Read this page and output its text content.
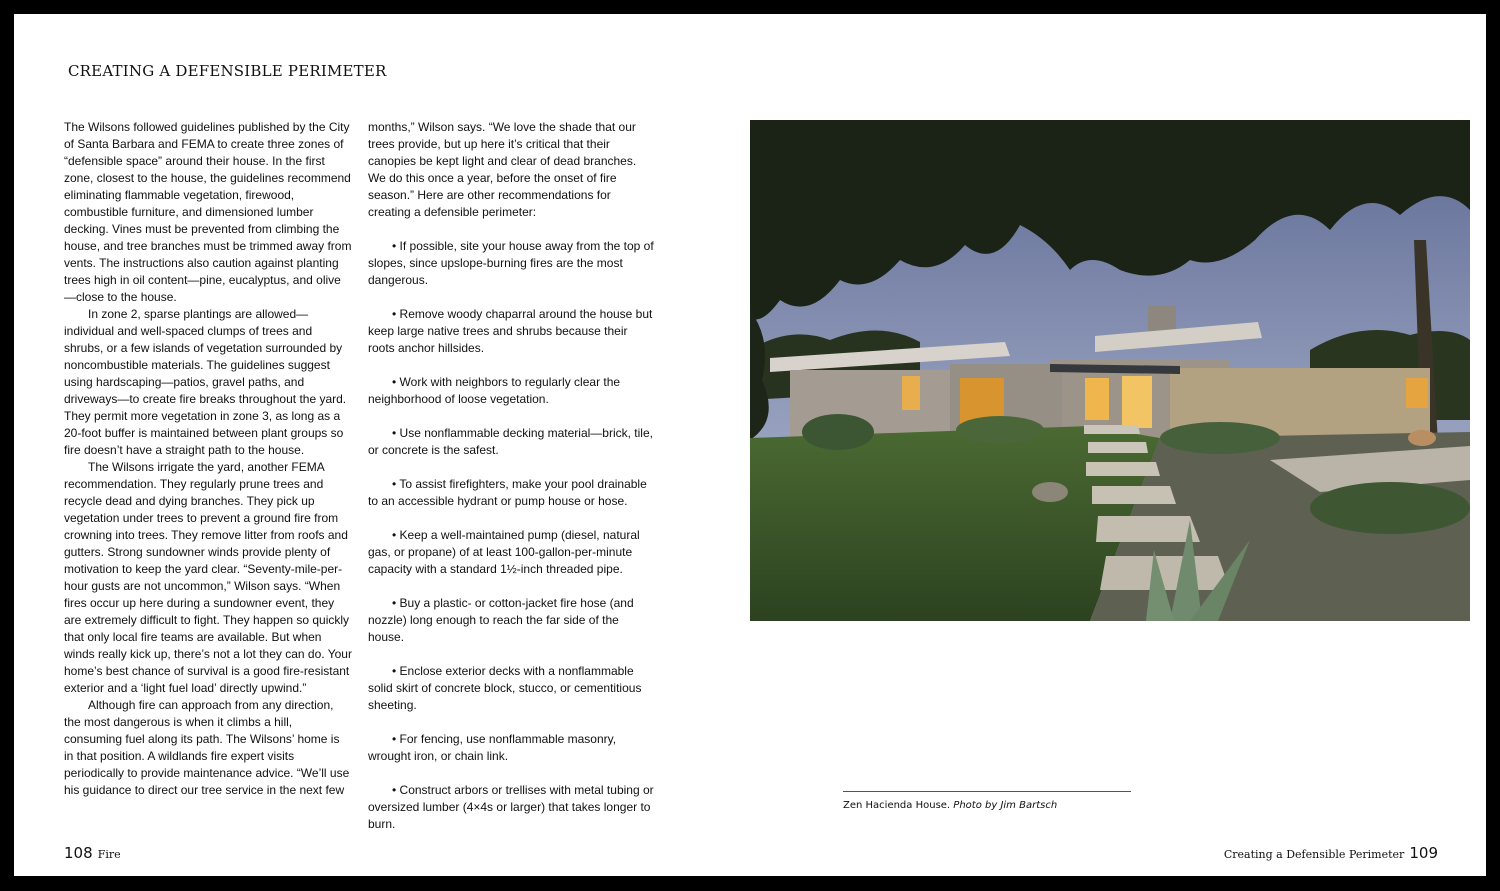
CREATING A DEFENSIBLE PERIMETER

The Wilsons followed guidelines published by the City of Santa Barbara and FEMA to create three zones of “defensible space” around their house. In the first zone, closest to the house, the guidelines recommend eliminating flammable vegetation, firewood, combustible furniture, and dimensioned lumber decking. Vines must be prevented from climbing the house, and tree branches must be trimmed away from vents. The instructions also caution against planting trees high in oil content—pine, eucalyptus, and olive—close to the house.

In zone 2, sparse plantings are allowed—individual and well-spaced clumps of trees and shrubs, or a few islands of vegetation surrounded by noncombustible materials. The guidelines suggest using hardscaping—patios, gravel paths, and driveways—to create fire breaks throughout the yard. They permit more vegetation in zone 3, as long as a 20-foot buffer is maintained between plant groups so fire doesn’t have a straight path to the house.

The Wilsons irrigate the yard, another FEMA recommendation. They regularly prune trees and recycle dead and dying branches. They pick up vegetation under trees to prevent a ground fire from crowning into trees. They remove litter from roofs and gutters. Strong sundowner winds provide plenty of motivation to keep the yard clear. “Seventy-mile-per-hour gusts are not uncommon,” Wilson says. “When fires occur up here during a sundowner event, they are extremely difficult to fight. They happen so quickly that only local fire teams are available. But when winds really kick up, there’s not a lot they can do. Your home’s best chance of survival is a good fire-resistant exterior and a ‘light fuel load’ directly upwind.”

Although fire can approach from any direction, the most dangerous is when it climbs a hill, consuming fuel along its path. The Wilsons’ home is in that position. A wildlands fire expert visits periodically to provide maintenance advice. “We’ll use his guidance to direct our tree service in the next few

months,” Wilson says. “We love the shade that our trees provide, but up here it’s critical that their canopies be kept light and clear of dead branches. We do this once a year, before the onset of fire season.” Here are other recommendations for creating a defensible perimeter:

• If possible, site your house away from the top of slopes, since upslope-burning fires are the most dangerous.

• Remove woody chaparral around the house but keep large native trees and shrubs because their roots anchor hillsides.

• Work with neighbors to regularly clear the neighborhood of loose vegetation.

• Use nonflammable decking material—brick, tile, or concrete is the safest.

• To assist firefighters, make your pool drainable to an accessible hydrant or pump house or hose.

• Keep a well-maintained pump (diesel, natural gas, or propane) of at least 100-gallon-per-minute capacity with a standard 1½-inch threaded pipe.

• Buy a plastic- or cotton-jacket fire hose (and nozzle) long enough to reach the far side of the house.

• Enclose exterior decks with a nonflammable solid skirt of concrete block, stucco, or cementitious sheeting.

• For fencing, use nonflammable masonry, wrought iron, or chain link.

• Construct arbors or trellises with metal tubing or oversized lumber (4×4s or larger) that takes longer to burn.

Zen Hacienda House. Photo by Jim Bartsch
108 Fire	Creating a Defensible Perimeter 109
